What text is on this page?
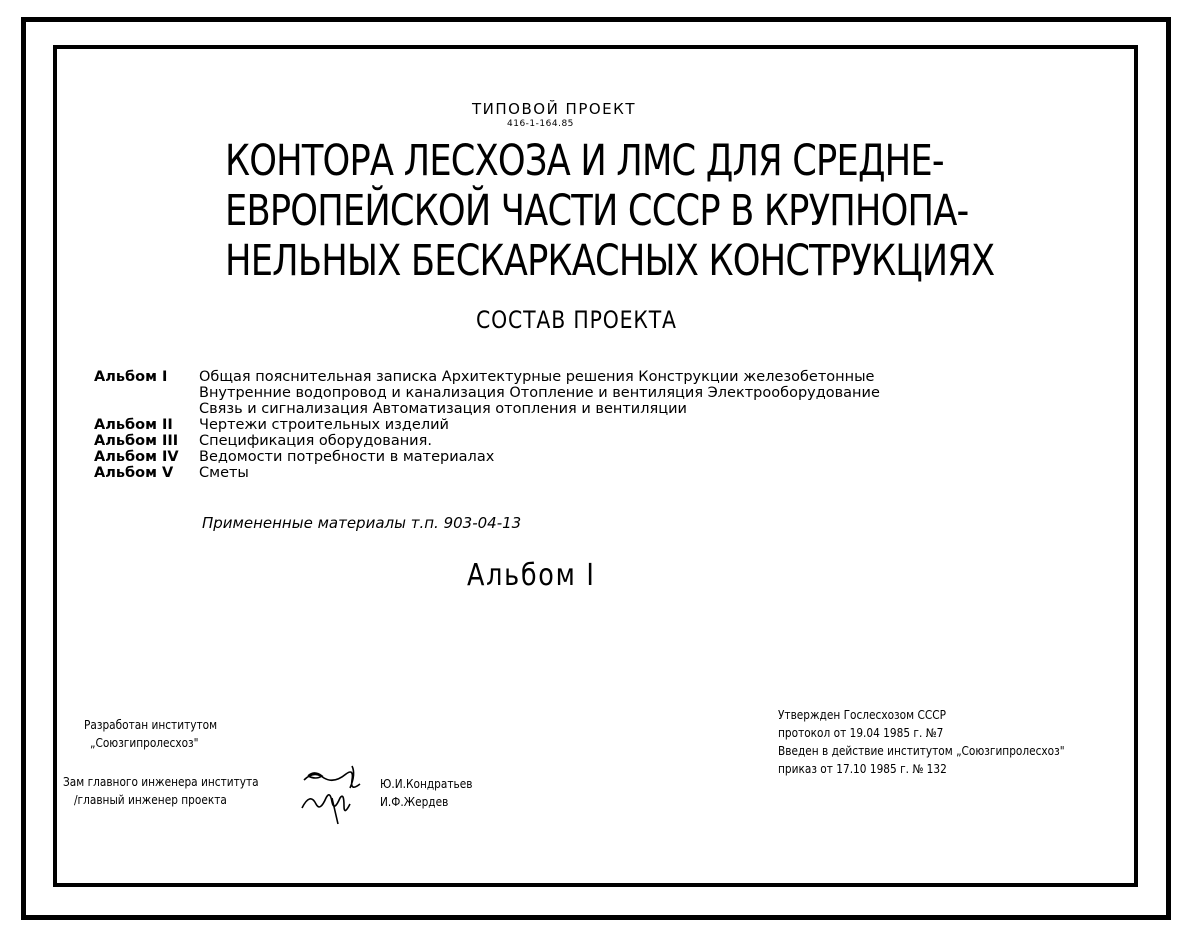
ТИПОВОЙ ПРОЕКТ
416-1-164.85
КОНТОРА ЛЕСХОЗА И ЛМС ДЛЯ СРЕДНЕ-
ЕВРОПЕЙСКОЙ ЧАСТИ СССР В КРУПНОПА-
НЕЛЬНЫХ БЕСКАРКАСНЫХ КОНСТРУКЦИЯХ
СОСТАВ ПРОЕКТА
Альбом I	Общая пояснительная записка Архитектурные решения Конструкции железобетонные
Внутренние водопровод и канализация Отопление и вентиляция Электрооборудование
Связь и сигнализация Автоматизация отопления и вентиляции
Альбом II	Чертежи строительных изделий
Альбом III	Спецификация оборудования.
Альбом IV	Ведомости потребности в материалах
Альбом V	Сметы
Примененные материалы т.п. 903-04-13
Альбом I
Разработан институтом
„Союзгипролесхоз"
Зам главного инженера института
/главный инженер проекта
Ю.И.Кондратьев
И.Ф.Жердев
Утвержден Гослесхозом СССР
протокол от 19.04 1985 г. №7
Введен в действие институтом „Союзгипролесхоз"
приказ от 17.10 1985 г. № 132
